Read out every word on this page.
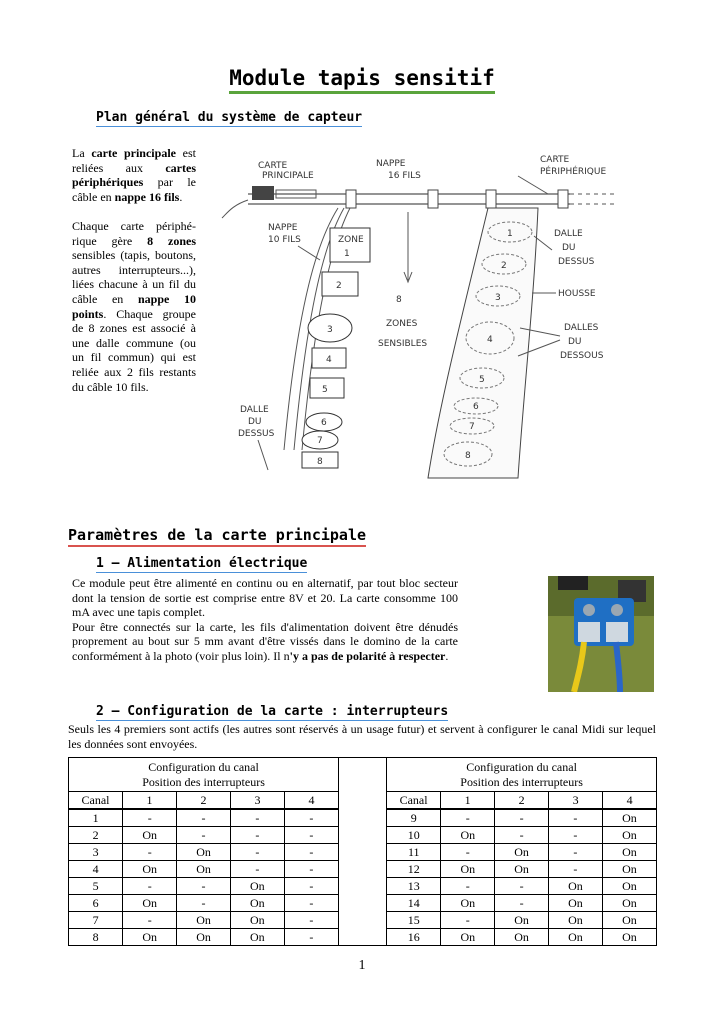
Module tapis sensitif
Plan général du système de capteur
La carte principale est reliées aux cartes périphériques par le câble en nappe 16 fils.
Chaque carte périphé-rique gère 8 zones sensibles (tapis, boutons, autres interrupteurs...), liées chacune à un fil du câble en nappe 10 points. Chaque groupe de 8 zones est associé à une dalle commune (ou un fil commun) qui est reliée aux 2 fils restants du câble 10 fils.
CARTE
PRINCIPALE
NAPPE
16 FILS
CARTE
PÉRIPHÉRIQUE
NAPPE
10 FILS	ZONE
1
2
3
4
5
6
7
8
1
2
3
4
5
6
7
8
8
ZONES
SENSIBLES
DALLE
DU
DESSUS
HOUSSE
DALLES
DU
DESSOUS
DALLE
DU
DESSUS
Paramètres de la carte principale
1 – Alimentation électrique
Ce module peut être alimenté en continu ou en alternatif, par tout bloc secteur dont la tension de sortie est comprise entre 8V et 20. La carte consomme 100 mA avec une tapis complet.
Pour être connectés sur la carte, les fils d'alimentation doivent être dénudés proprement au bout sur 5 mm avant d'être vissés dans le domino de la carte conformément à la photo (voir plus loin). Il n'y a pas de polarité à respecter.
2 – Configuration de la carte : interrupteurs
Seuls les 4 premiers sont actifs (les autres sont réservés à un usage futur) et servent à configurer le canal Midi sur lequel les données sont envoyées.
Configuration du canal
Position des interrupteurs		Configuration du canal
Position des interrupteurs
Canal	1	2	3	4	Canal	1	2	3	4

1	-	-	-	-
2	On	-	-	-
3	-	On	-	-
4	On	On	-	-
5	-	-	On	-
6	On	-	On	-
7	-	On	On	-
8	On	On	On	-

9	-	-	-	On
10	On	-	-	On
11	-	On	-	On
12	On	On	-	On
13	-	-	On	On
14	On	-	On	On
15	-	On	On	On
16	On	On	On	On
1
